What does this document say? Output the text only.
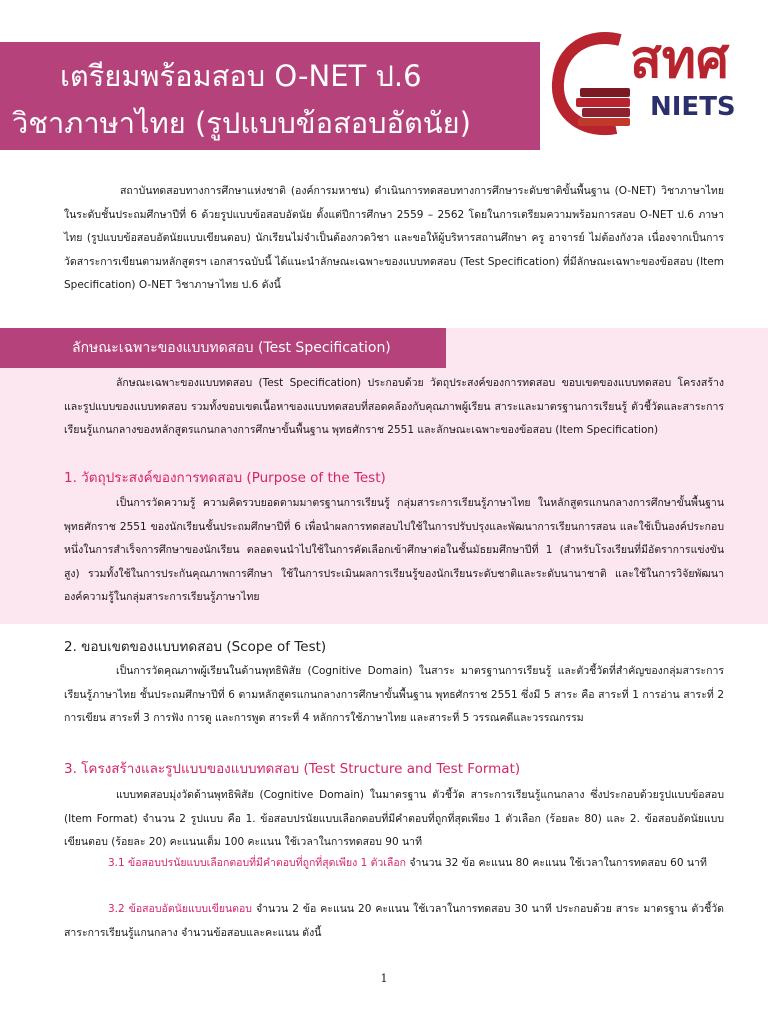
เตรียมพร้อมสอบ O-NET ป.6
วิชาภาษาไทย (รูปแบบข้อสอบอัตนัย)

สทศ

NIETS

สถาบันทดสอบทางการศึกษาแห่งชาติ (องค์การมหาชน) ดำเนินการทดสอบทางการศึกษาระดับชาติขั้นพื้นฐาน (O-NET) วิชาภาษาไทย ในระดับชั้นประถมศึกษาปีที่ 6 ด้วยรูปแบบข้อสอบอัตนัย ตั้งแต่ปีการศึกษา 2559 – 2562 โดยในการเตรียมความพร้อมการสอบ O-NET ป.6 ภาษาไทย (รูปแบบข้อสอบอัตนัยแบบเขียนตอบ) นักเรียนไม่จำเป็นต้องกวดวิชา และขอให้ผู้บริหารสถานศึกษา ครู อาจารย์ ไม่ต้องกังวล เนื่องจากเป็นการวัดสาระการเขียนตามหลักสูตรฯ เอกสารฉบับนี้ ได้แนะนำลักษณะเฉพาะของแบบทดสอบ (Test Specification) ที่มีลักษณะเฉพาะของข้อสอบ (Item Specification) O-NET วิชาภาษาไทย ป.6 ดังนี้

ลักษณะเฉพาะของแบบทดสอบ (Test Specification)

ลักษณะเฉพาะของแบบทดสอบ (Test Specification) ประกอบด้วย วัตถุประสงค์ของการทดสอบ ขอบเขตของแบบทดสอบ โครงสร้างและรูปแบบของแบบทดสอบ รวมทั้งขอบเขตเนื้อหาของแบบทดสอบที่สอดคล้องกับคุณภาพผู้เรียน สาระและมาตรฐานการเรียนรู้ ตัวชี้วัดและสาระการเรียนรู้แกนกลางของหลักสูตรแกนกลางการศึกษาขั้นพื้นฐาน พุทธศักราช 2551 และลักษณะเฉพาะของข้อสอบ (Item Specification)

1. วัตถุประสงค์ของการทดสอบ (Purpose of the Test)

เป็นการวัดความรู้ ความคิดรวบยอดตามมาตรฐานการเรียนรู้ กลุ่มสาระการเรียนรู้ภาษาไทย ในหลักสูตรแกนกลางการศึกษาขั้นพื้นฐาน พุทธศักราช 2551 ของนักเรียนชั้นประถมศึกษาปีที่ 6 เพื่อนำผลการทดสอบไปใช้ในการปรับปรุงและพัฒนาการเรียนการสอน และใช้เป็นองค์ประกอบหนึ่งในการสำเร็จการศึกษาของนักเรียน ตลอดจนนำไปใช้ในการคัดเลือกเข้าศึกษาต่อในชั้นมัธยมศึกษาปีที่ 1 (สำหรับโรงเรียนที่มีอัตราการแข่งขันสูง) รวมทั้งใช้ในการประกันคุณภาพการศึกษา ใช้ในการประเมินผลการเรียนรู้ของนักเรียนระดับชาติและระดับนานาชาติ และใช้ในการวิจัยพัฒนาองค์ความรู้ในกลุ่มสาระการเรียนรู้ภาษาไทย

2. ขอบเขตของแบบทดสอบ (Scope of Test)

เป็นการวัดคุณภาพผู้เรียนในด้านพุทธิพิสัย (Cognitive Domain) ในสาระ มาตรฐานการเรียนรู้ และตัวชี้วัดที่สำคัญของกลุ่มสาระการเรียนรู้ภาษาไทย ชั้นประถมศึกษาปีที่ 6 ตามหลักสูตรแกนกลางการศึกษาขั้นพื้นฐาน พุทธศักราช 2551 ซึ่งมี 5 สาระ คือ สาระที่ 1 การอ่าน สาระที่ 2 การเขียน สาระที่ 3 การฟัง การดู และการพูด สาระที่ 4 หลักการใช้ภาษาไทย และสาระที่ 5 วรรณคดีและวรรณกรรม

3. โครงสร้างและรูปแบบของแบบทดสอบ (Test Structure and Test Format)

แบบทดสอบมุ่งวัดด้านพุทธิพิสัย (Cognitive Domain) ในมาตรฐาน ตัวชี้วัด สาระการเรียนรู้แกนกลาง ซึ่งประกอบด้วยรูปแบบข้อสอบ (Item Format) จำนวน 2 รูปแบบ คือ 1. ข้อสอบปรนัยแบบเลือกตอบที่มีคำตอบที่ถูกที่สุดเพียง 1 ตัวเลือก (ร้อยละ 80) และ 2. ข้อสอบอัตนัยแบบเขียนตอบ (ร้อยละ 20) คะแนนเต็ม 100 คะแนน ใช้เวลาในการทดสอบ 90 นาที

3.1 ข้อสอบปรนัยแบบเลือกตอบที่มีคำตอบที่ถูกที่สุดเพียง 1 ตัวเลือก จำนวน 32 ข้อ คะแนน 80 คะแนน ใช้เวลาในการทดสอบ 60 นาที

3.2 ข้อสอบอัตนัยแบบเขียนตอบ จำนวน 2 ข้อ คะแนน 20 คะแนน ใช้เวลาในการทดสอบ 30 นาที ประกอบด้วย สาระ มาตรฐาน ตัวชี้วัด สาระการเรียนรู้แกนกลาง จำนวนข้อสอบและคะแนน ดังนี้

1
